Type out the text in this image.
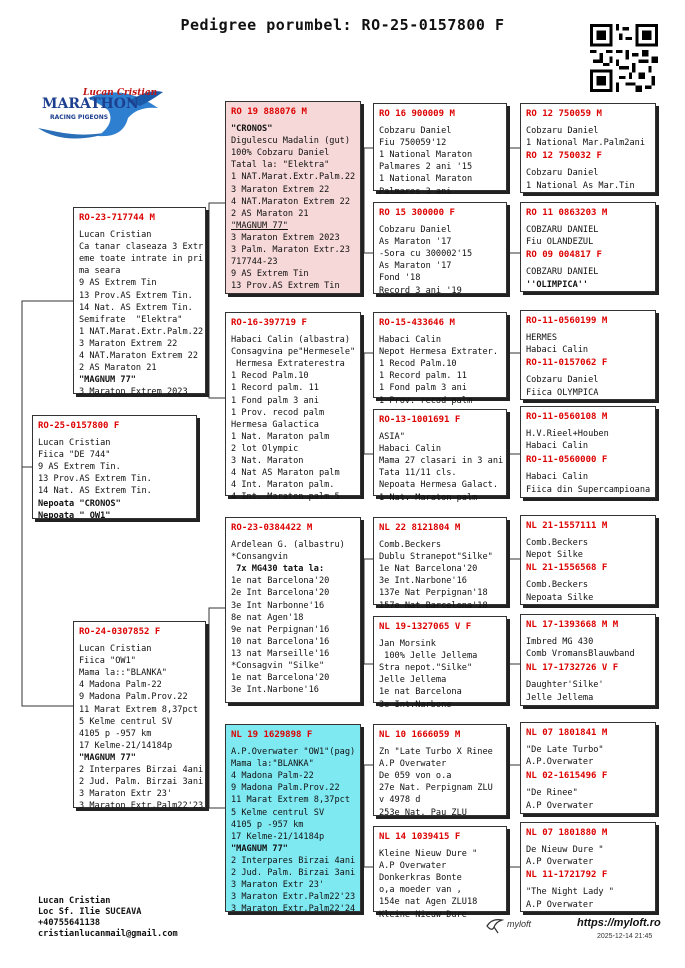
Pedigree porumbel: RO-25-0157800 F
Lucan Cristian
MARATHON
RACING PIGEONS
RO-25-0157800 F
Lucan Cristian
Fiica "DE 744"
9 AS Extrem Tin.
13 Prov.AS Extrem Tin.
14 Nat. AS Extrem Tin.
Nepoata "CRONOS"
Nepoata " OW1"
RO-23-717744 M
Lucan Cristian
Ca tanar claseaza 3 Extr
eme toate intrate in pri
ma seara
9 AS Extrem Tin
13 Prov.AS Extrem Tin.
14 Nat. AS Extrem Tin.
Semifrate  "Elektra"
1 NAT.Marat.Extr.Palm.22
3 Maraton Extrem 22
4 NAT.Maraton Extrem 22
2 AS Maraton 21
"MAGNUM 77"
3 Maraton Extrem 2023
RO-24-0307852 F
Lucan Cristian
Fiica "OW1"
Mama la::"BLANKA"
4 Madona Palm-22
9 Madona Palm.Prov.22
11 Marat Extrem 8,37pct
5 Kelme centrul SV
4105 p -957 km
17 Kelme-21/14184p
"MAGNUM 77"
2 Interpares Birzai 4ani
2 Jud. Palm. Birzai 3ani
3 Maraton Extr 23'
3 Maraton Extr.Palm22'23
RO 19 888076 M
"CRONOS"
Digulescu Madalin (gut)
100% Cobzaru Daniel
Tatal la: "Elektra"
1 NAT.Marat.Extr.Palm.22
3 Maraton Extrem 22
4 NAT.Maraton Extrem 22
2 AS Maraton 21
"MAGNUM 77"
3 Maraton Extrem 2023
3 Palm. Maraton Extr.23
717744-23
9 AS Extrem Tin
13 Prov.AS Extrem Tin
RO-16-397719 F
Habaci Calin (albastra)
Consagvina pe"Hermesele"
Hermesa Extraterestra
1 Recod Palm.10
1 Record palm. 11
1 Fond palm 3 ani
1 Prov. recod palm
Hermesa Galactica
1 Nat. Maraton palm
2 lot Olympic
3 Nat. Maraton
4 Nat AS Maraton palm
4 Int. Maraton palm.
4 Int. Maraton palm.5
RO-23-0384422 M
Ardelean G. (albastru)
*Consangvin
7x MG430 tata la:
1e nat Barcelona'20
2e Int Barcelona'20
3e Int Narbonne'16
8e nat Agen'18
9e nat Perpignan'16
10 nat Barcelona'16
13 nat Marseille'16
*Consagvin "Silke"
1e nat Barcelona'20
3e Int.Narbone'16
NL 19 1629898 F
A.P.Overwater "OW1"(pag)
Mama la:"BLANKA"
4 Madona Palm-22
9 Madona Palm.Prov.22
11 Marat Extrem 8,37pct
5 Kelme centrul SV
4105 p -957 km
17 Kelme-21/14184p
"MAGNUM 77"
2 Interpares Birzai 4ani
2 Jud. Palm. Birzai 3ani
3 Maraton Extr 23'
3 Maraton Extr.Palm22'23
3 Maraton Extr.Palm22'24
RO 16 900009 M
Cobzaru Daniel
Fiu 750059'12
1 National Maraton
Palmares 2 ani '15
1 National Maraton
Palmares 3 ani
RO 15 300000 F
Cobzaru Daniel
As Maraton '17
-Sora cu 300002'15
As Maraton '17
Fond '18
Record 3 ani '19
RO-15-433646 M
Habaci Calin
Nepot Hermesa Extrater.
1 Recod Palm.10
1 Record palm. 11
1 Fond palm 3 ani
1 Prov. recod palm
RO-13-1001691 F
ASIA"
Habaci Calin
Mama 27 clasari in 3 ani
Tata 11/11 cls.
Nepoata Hermesa Galact.
1 Nat. Maraton palm
NL 22 8121804 M
Comb.Beckers
Dublu Stranepot"Silke"
1e Nat Barcelona'20
3e Int.Narbone'16
137e Nat Perpignan'18
157e Nat Barcelona'18
NL 19-1327065 V F
Jan Morsink
100% Jelle Jellema
Stra nepot."Silke"
Jelle Jellema
1e nat Barcelona
3e Int.Narbone
NL 10 1666059 M
Zn "Late Turbo X Rinee
A.P Overwater
De 059 von o.a
27e Nat. Perpignam ZLU
v 4978 d
253e Nat. Pau ZLU
NL 14 1039415 F
Kleine Nieuw Dure "
A.P Overwater
Donkerkras Bonte
o,a moeder van ,
154e nat Agen ZLU18
Kleine Nieuw Dure
RO 12 750059 M
Cobzaru Daniel
1 National Mar.Palm2ani
RO 12 750032 F
Cobzaru Daniel
1 National As Mar.Tin
RO 11 0863203 M
COBZARU DANIEL
Fiu OLANDEZUL
RO 09 004817 F
COBZARU DANIEL
''OLIMPICA''
RO-11-0560199 M
HERMES
Habaci Calin
RO-11-0157062 F
Cobzaru Daniel
Fiica OLYMPICA
RO-11-0560108 M
H.V.Rieel+Houben
Habaci Calin
RO-11-0560000 F
Habaci Calin
Fiica din Supercampioana
NL 21-1557111 M
Comb.Beckers
Nepot Silke
NL 21-1556568 F
Comb.Beckers
Nepoata Silke
NL 17-1393668 M M
Imbred MG 430
Comb VromansBlauwband
NL 17-1732726 V F
Daughter'Silke'
Jelle Jellema
NL 07 1801841 M
"De Late Turbo"
A.P.Overwater
NL 02-1615496 F
"De Rinee"
A.P Overwater
NL 07 1801880 M
De Nieuw Dure "
A.P Overwater
NL 11-1721792 F
"The Night Lady "
A.P Overwater
Lucan Cristian
Loc Sf. Ilie SUCEAVA
+40755641138
cristianlucanmail@gmail.com
myloft	https://myloft.ro
2025-12-14 21:45
